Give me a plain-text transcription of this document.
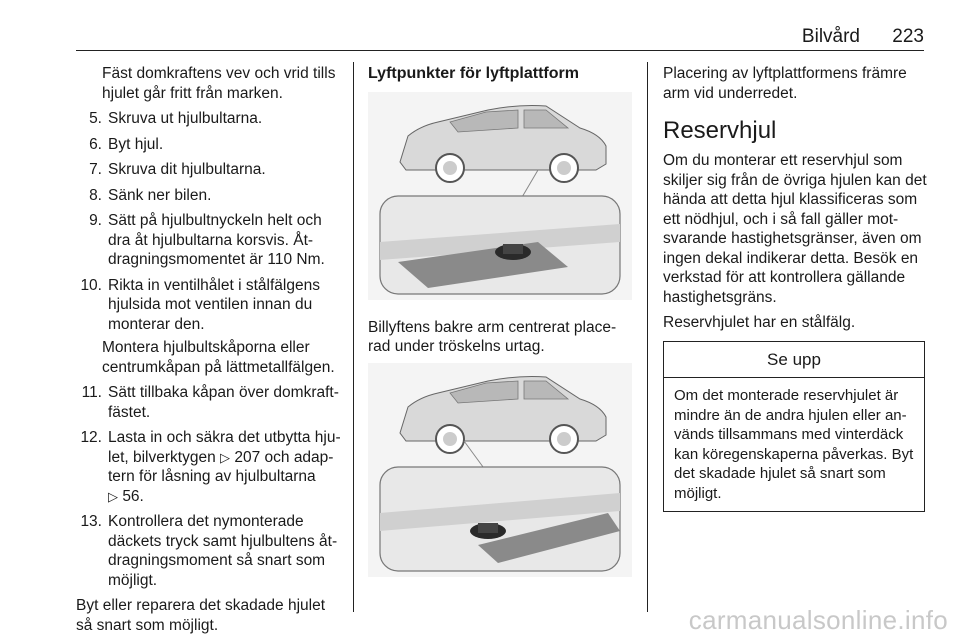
Bilvård 223

Fäst domkraftens vev och vrid tills hjulet går fritt från marken.

5. Skruva ut hjulbultarna.
6. Byt hjul.
7. Skruva dit hjulbultarna.
8. Sänk ner bilen.
9. Sätt på hjulbultnyckeln helt och dra åt hjulbultarna korsvis. Åtdragningsmomentet är 110 Nm.
10. Rikta in ventilhålet i stålfälgens hjulsida mot ventilen innan du monterar den.

Montera hjulbultskåporna eller centrumkåpan på lättmetallfälgen.

11. Sätt tillbaka kåpan över domkraftfästet.
12. Lasta in och säkra det utbytta hjulet, bilverktygen ▷ 207 och adaptern för låsning av hjulbultarna
▷ 56.
13. Kontrollera det nymonterade däckets tryck samt hjulbultens åtdragningsmoment så snart som möjligt.

Byt eller reparera det skadade hjulet så snart som möjligt.

Lyftpunkter för lyftplattform

Billyftens bakre arm centrerat placerad under tröskelns urtag.

Placering av lyftplattformens främre arm vid underredet.

Reservhjul

Om du monterar ett reservhjul som skiljer sig från de övriga hjulen kan det hända att detta hjul klassificeras som ett nödhjul, och i så fall gäller motsvarande hastighetsgränser, även om ingen dekal indikerar detta. Besök en verkstad för att kontrollera gällande hastighetsgräns.

Reservhjulet har en stålfälg.

Se upp
Om det monterade reservhjulet är mindre än de andra hjulen eller används tillsammans med vinterdäck kan köregenskaperna påverkas. Byt det skadade hjulet så snart som möjligt.
carmanualsonline.info
